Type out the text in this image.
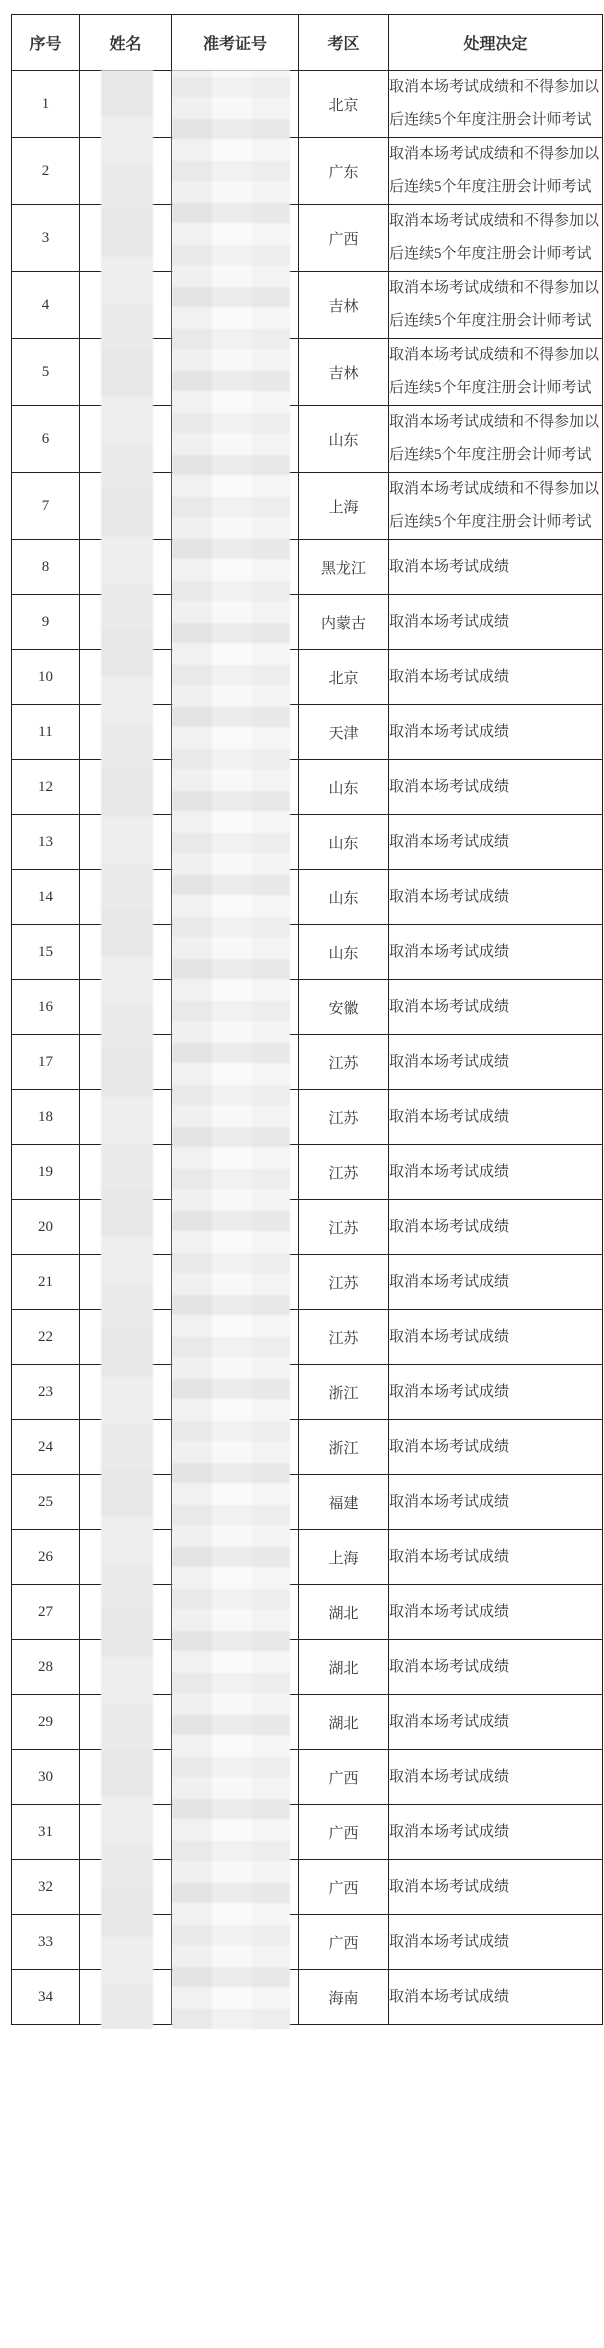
序号	姓名	准考证号	考区	处理决定
1			北京	取消本场考试成绩和不得参加以后连续5个年度注册会计师考试
2			广东	取消本场考试成绩和不得参加以后连续5个年度注册会计师考试
3			广西	取消本场考试成绩和不得参加以后连续5个年度注册会计师考试
4			吉林	取消本场考试成绩和不得参加以后连续5个年度注册会计师考试
5			吉林	取消本场考试成绩和不得参加以后连续5个年度注册会计师考试
6			山东	取消本场考试成绩和不得参加以后连续5个年度注册会计师考试
7			上海	取消本场考试成绩和不得参加以后连续5个年度注册会计师考试
8			黑龙江	取消本场考试成绩
9			内蒙古	取消本场考试成绩
10			北京	取消本场考试成绩
11			天津	取消本场考试成绩
12			山东	取消本场考试成绩
13			山东	取消本场考试成绩
14			山东	取消本场考试成绩
15			山东	取消本场考试成绩
16			安徽	取消本场考试成绩
17			江苏	取消本场考试成绩
18			江苏	取消本场考试成绩
19			江苏	取消本场考试成绩
20			江苏	取消本场考试成绩
21			江苏	取消本场考试成绩
22			江苏	取消本场考试成绩
23			浙江	取消本场考试成绩
24			浙江	取消本场考试成绩
25			福建	取消本场考试成绩
26			上海	取消本场考试成绩
27			湖北	取消本场考试成绩
28			湖北	取消本场考试成绩
29			湖北	取消本场考试成绩
30			广西	取消本场考试成绩
31			广西	取消本场考试成绩
32			广西	取消本场考试成绩
33			广西	取消本场考试成绩
34			海南	取消本场考试成绩
